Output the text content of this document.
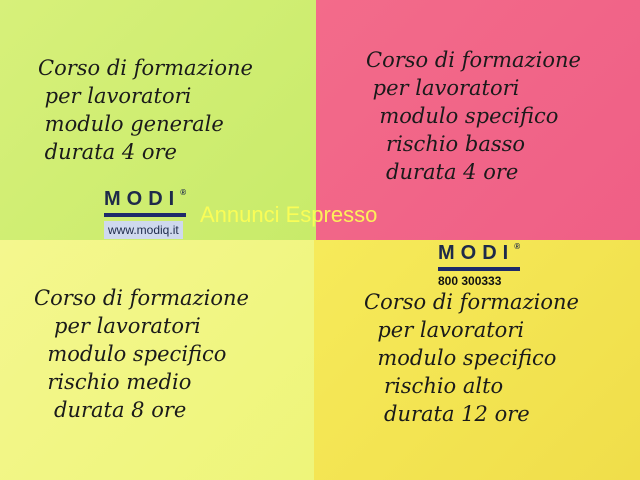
Corso di formazione
per lavoratori
modulo generale
durata 4 ore

MODI®
www.modiq.it

Corso di formazione
per lavoratori
modulo specifico
rischio basso
durata 4 ore

Corso di formazione
per lavoratori
modulo specifico
rischio medio
durata 8 ore

MODI®
800 300333

Corso di formazione
per lavoratori
modulo specifico
rischio alto
durata 12 ore

Annunci Espresso
